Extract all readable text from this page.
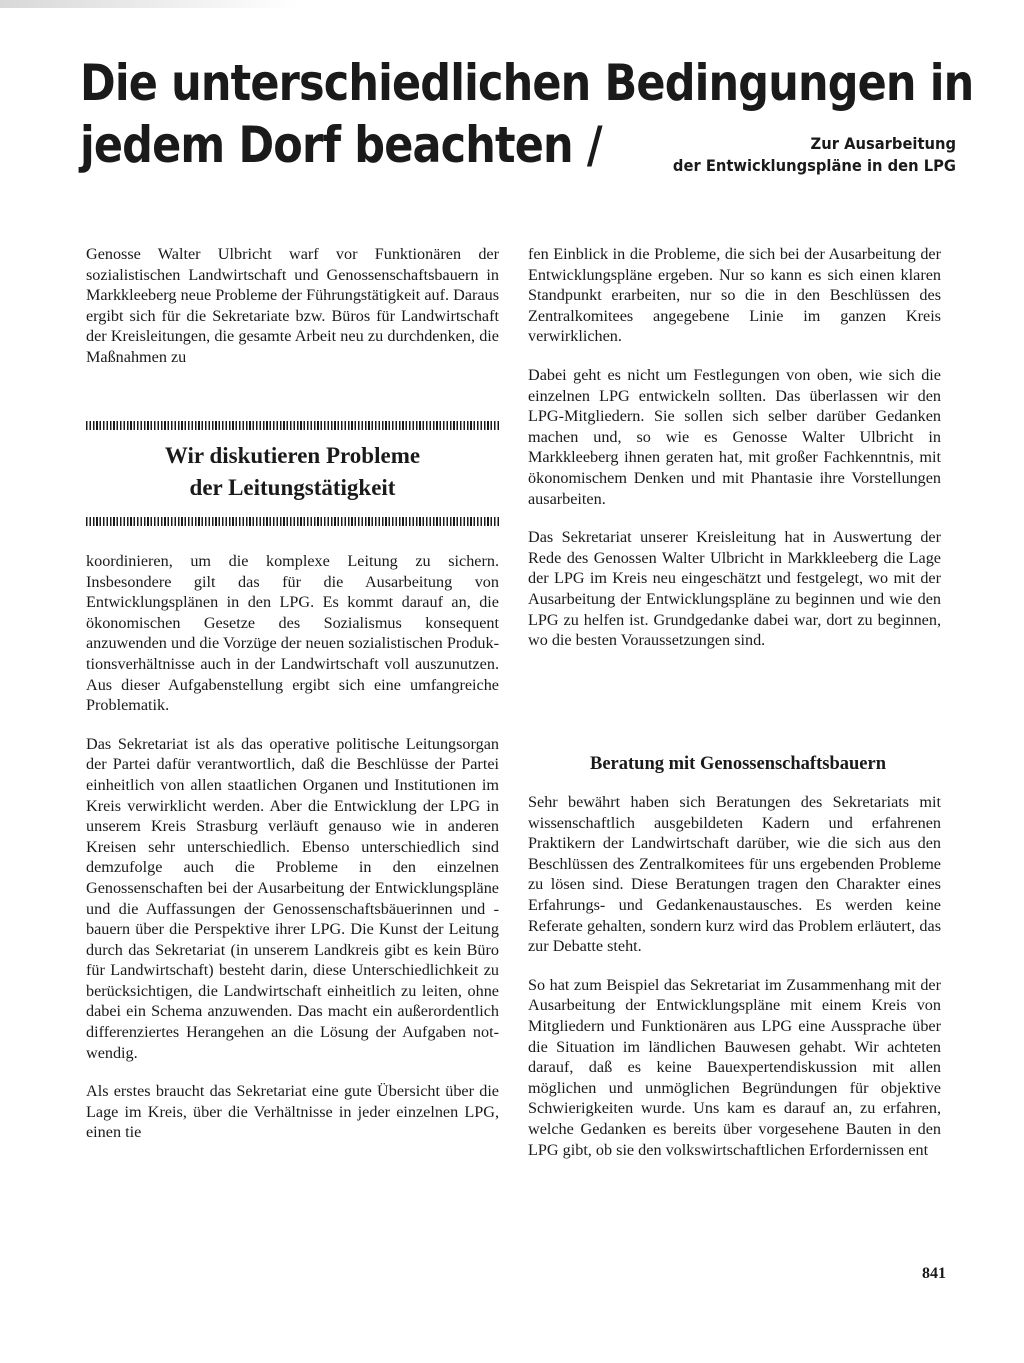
Die unterschiedlichen Bedingungen in
jedem Dorf beachten /	Zur Ausarbeitung
der Entwicklungspläne in den LPG

Genosse Walter Ulbricht warf vor Funktionären der sozialistischen Landwirtschaft und Genossenschaftsbauern in Markkleeberg neue Probleme der Führungstätigkeit auf. Daraus ergibt sich für die Sekretariate bzw. Büros für Landwirtschaft der Kreisleitungen, die gesamte Arbeit neu zu durchdenken, die Maßnahmen zu

Wir diskutieren Probleme
der Leitungstätigkeit

koordinieren, um die komplexe Leitung zu sichern. Insbesondere gilt das für die Ausarbeitung von Entwicklungsplänen in den LPG. Es kommt darauf an, die ökonomischen Gesetze des Sozialismus konsequent anzuwenden und die Vorzüge der neuen sozialistischen Produktionsverhältnisse auch in der Landwirtschaft voll auszunutzen. Aus dieser Aufgabenstellung ergibt sich eine umfangreiche Problematik.

Das Sekretariat ist als das operative politische Leitungsorgan der Partei dafür verantwortlich, daß die Beschlüsse der Partei einheitlich von allen staatlichen Organen und Institutionen im Kreis verwirklicht werden. Aber die Entwicklung der LPG in unserem Kreis Strasburg verläuft genauso wie in anderen Kreisen sehr unterschiedlich. Ebenso unterschiedlich sind demzufolge auch die Probleme in den einzelnen Genossenschaften bei der Ausarbeitung der Entwicklungspläne und die Auffassungen der Genossenschaftsbäuerinnen und -bauern über die Perspektive ihrer LPG. Die Kunst der Leitung durch das Sekretariat (in unserem Landkreis gibt es kein Büro für Landwirtschaft) besteht darin, diese Unterschiedlichkeit zu berücksichtigen, die Landwirtschaft einheitlich zu leiten, ohne dabei ein Schema anzuwenden. Das macht ein außerordentlich differenziertes Herangehen an die Lösung der Aufgaben notwendig.

Als erstes braucht das Sekretariat eine gute Übersicht über die Lage im Kreis, über die Verhältnisse in jeder einzelnen LPG, einen tie

fen Einblick in die Probleme, die sich bei der Ausarbeitung der Entwicklungspläne ergeben. Nur so kann es sich einen klaren Standpunkt erarbeiten, nur so die in den Beschlüssen des Zentralkomitees angegebene Linie im ganzen Kreis verwirklichen.

Dabei geht es nicht um Festlegungen von oben, wie sich die einzelnen LPG entwickeln sollten. Das überlassen wir den LPG-Mitgliedern. Sie sollen sich selber darüber Gedanken machen und, so wie es Genosse Walter Ulbricht in Markkleeberg ihnen geraten hat, mit großer Fachkenntnis, mit ökonomischem Denken und mit Phantasie ihre Vorstellungen ausarbeiten.

Das Sekretariat unserer Kreisleitung hat in Auswertung der Rede des Genossen Walter Ulbricht in Markkleeberg die Lage der LPG im Kreis neu eingeschätzt und festgelegt, wo mit der Ausarbeitung der Entwicklungspläne zu beginnen und wie den LPG zu helfen ist. Grundgedanke dabei war, dort zu beginnen, wo die besten Voraussetzungen sind.

Beratung mit Genossenschaftsbauern

Sehr bewährt haben sich Beratungen des Sekretariats mit wissenschaftlich ausgebildeten Kadern und erfahrenen Praktikern der Landwirtschaft darüber, wie die sich aus den Beschlüssen des Zentralkomitees für uns ergebenden Probleme zu lösen sind. Diese Beratungen tragen den Charakter eines Erfahrungs- und Gedankenaustausches. Es werden keine Referate gehalten, sondern kurz wird das Problem erläutert, das zur Debatte steht.

So hat zum Beispiel das Sekretariat im Zusammenhang mit der Ausarbeitung der Entwicklungspläne mit einem Kreis von Mitgliedern und Funktionären aus LPG eine Aussprache über die Situation im ländlichen Bauwesen gehabt. Wir achteten darauf, daß es keine Bauexpertendiskussion mit allen möglichen und unmöglichen Begründungen für objektive Schwierigkeiten wurde. Uns kam es darauf an, zu erfahren, welche Gedanken es bereits über vorgesehene Bauten in den LPG gibt, ob sie den volkswirtschaftlichen Erfordernissen ent

841
